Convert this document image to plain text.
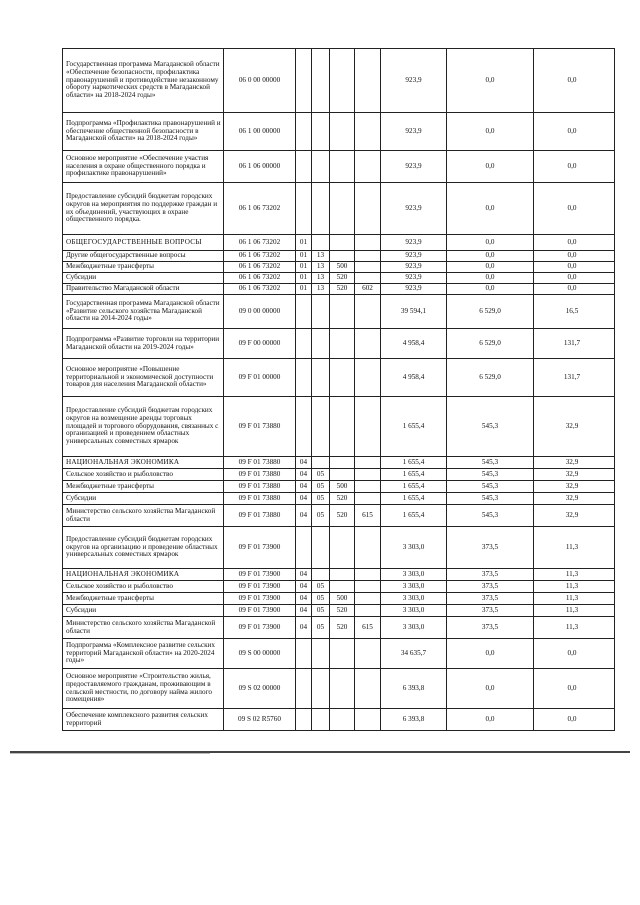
Государственная программа Магаданской области «Обеспечение безопасности, профилактика правонарушений и противодействие незаконному обороту наркотических средств в Магаданской области» на 2018-2024 годы»	06 0 00 00000					923,9	0,0	0,0
Подпрограмма «Профилактика правонарушений и обеспечение общественной безопасности в Магаданской области» на 2018-2024 годы»	06 1 00 00000					923,9	0,0	0,0
Основное мероприятие «Обеспечение участия населения в охране общественного порядка и профилактике правонарушений»	06 1 06 00000					923,9	0,0	0,0
Предоставление субсидий бюджетам городских округов на мероприятия по поддержке граждан и их объединений, участвующих в охране общественного порядка.	06 1 06 73202					923,9	0,0	0,0
ОБЩЕГОСУДАРСТВЕННЫЕ ВОПРОСЫ	06 1 06 73202	01				923,9	0,0	0,0
Другие общегосударственные вопросы	06 1 06 73202	01	13			923,9	0,0	0,0
Межбюджетные трансферты	06 1 06 73202	01	13	500		923,9	0,0	0,0
Субсидии	06 1 06 73202	01	13	520		923,9	0,0	0,0
Правительство Магаданской области	06 1 06 73202	01	13	520	602	923,9	0,0	0,0
Государственная программа Магаданской области «Развитие сельского хозяйства Магаданской области на 2014-2024 годы»	09 0 00 00000					39 594,1	6 529,0	16,5
Подпрограмма «Развитие торговли на территории Магаданской области на 2019-2024 годы»	09 F 00 00000					4 958,4	6 529,0	131,7
Основное мероприятие «Повышение территориальной и экономической доступности товаров для населения Магаданской области»	09 F 01 00000					4 958,4	6 529,0	131,7
Предоставление субсидий бюджетам городских округов на возмещение аренды торговых площадей и торгового оборудования, связанных с организацией и проведением областных универсальных совместных ярмарок	09 F 01 73880					1 655,4	545,3	32,9
НАЦИОНАЛЬНАЯ ЭКОНОМИКА	09 F 01 73880	04				1 655,4	545,3	32,9
Сельское хозяйство и рыболовство	09 F 01 73880	04	05			1 655,4	545,3	32,9
Межбюджетные трансферты	09 F 01 73880	04	05	500		1 655,4	545,3	32,9
Субсидии	09 F 01 73880	04	05	520		1 655,4	545,3	32,9
Министерство сельского хозяйства Магаданской области	09 F 01 73880	04	05	520	615	1 655,4	545,3	32,9
Предоставление субсидий бюджетам городских округов на организацию и проведение областных универсальных совместных ярмарок	09 F 01 73900					3 303,0	373,5	11,3
НАЦИОНАЛЬНАЯ ЭКОНОМИКА	09 F 01 73900	04				3 303,0	373,5	11,3
Сельское хозяйство и рыболовство	09 F 01 73900	04	05			3 303,0	373,5	11,3
Межбюджетные трансферты	09 F 01 73900	04	05	500		3 303,0	373,5	11,3
Субсидии	09 F 01 73900	04	05	520		3 303,0	373,5	11,3
Министерство сельского хозяйства Магаданской области	09 F 01 73900	04	05	520	615	3 303,0	373,5	11,3
Подпрограмма «Комплексное развитие сельских территорий Магаданской области» на 2020-2024 годы»	09 S 00 00000					34 635,7	0,0	0,0
Основное мероприятие «Строительство жилья, предоставляемого гражданам, проживающим в сельской местности, по договору найма жилого помещения»	09 S 02 00000					6 393,8	0,0	0,0
Обеспечение комплексного развития сельских территорий	09 S 02 R5760					6 393,8	0,0	0,0
